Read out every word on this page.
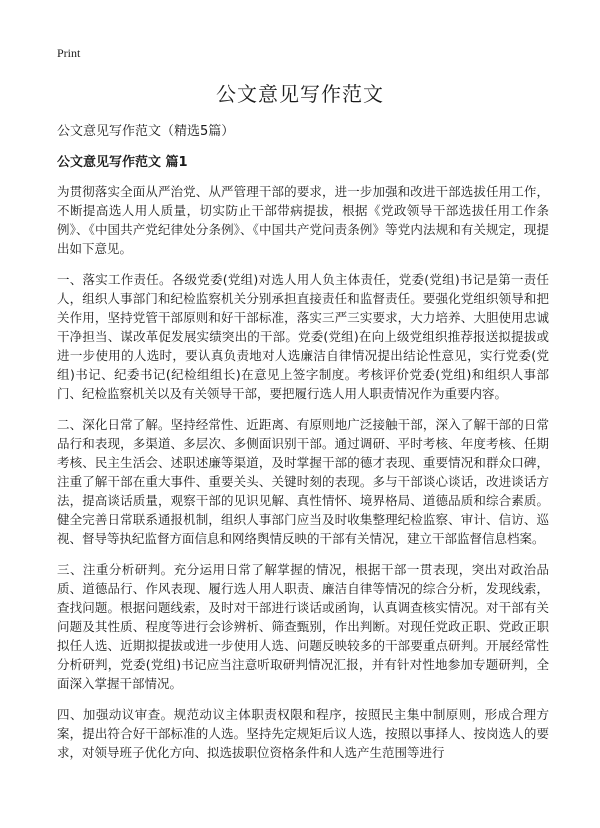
Print
公文意见写作范文

公文意见写作范文（精选5篇）

公文意见写作范文 篇1

为贯彻落实全面从严治党、从严管理干部的要求，进一步加强和改进干部选拔任用工作，不断提高选人用人质量，切实防止干部带病提拔，根据《党政领导干部选拔任用工作条例》、《中国共产党纪律处分条例》、《中国共产党问责条例》等党内法规和有关规定，现提出如下意见。

一、落实工作责任。各级党委(党组)对选人用人负主体责任，党委(党组)书记是第一责任人，组织人事部门和纪检监察机关分别承担直接责任和监督责任。要强化党组织领导和把关作用，坚持党管干部原则和好干部标准，落实三严三实要求，大力培养、大胆使用忠诚干净担当、谋改革促发展实绩突出的干部。党委(党组)在向上级党组织推荐报送拟提拔或进一步使用的人选时，要认真负责地对人选廉洁自律情况提出结论性意见，实行党委(党组)书记、纪委书记(纪检组组长)在意见上签字制度。考核评价党委(党组)和组织人事部门、纪检监察机关以及有关领导干部，要把履行选人用人职责情况作为重要内容。

二、深化日常了解。坚持经常性、近距离、有原则地广泛接触干部，深入了解干部的日常品行和表现，多渠道、多层次、多侧面识别干部。通过调研、平时考核、年度考核、任期考核、民主生活会、述职述廉等渠道，及时掌握干部的德才表现、重要情况和群众口碑，注重了解干部在重大事件、重要关头、关键时刻的表现。多与干部谈心谈话，改进谈话方法，提高谈话质量，观察干部的见识见解、真性情怀、境界格局、道德品质和综合素质。健全完善日常联系通报机制，组织人事部门应当及时收集整理纪检监察、审计、信访、巡视、督导等执纪监督方面信息和网络舆情反映的干部有关情况，建立干部监督信息档案。

三、注重分析研判。充分运用日常了解掌握的情况，根据干部一贯表现，突出对政治品质、道德品行、作风表现、履行选人用人职责、廉洁自律等情况的综合分析，发现线索，查找问题。根据问题线索，及时对干部进行谈话或函询，认真调查核实情况。对干部有关问题及其性质、程度等进行会诊辨析、筛查甄别，作出判断。对现任党政正职、党政正职拟任人选、近期拟提拔或进一步使用人选、问题反映较多的干部要重点研判。开展经常性分析研判，党委(党组)书记应当注意听取研判情况汇报，并有针对性地参加专题研判，全面深入掌握干部情况。

四、加强动议审查。规范动议主体职责权限和程序，按照民主集中制原则，形成合理方案，提出符合好干部标准的人选。坚持先定规矩后议人选，按照以事择人、按岗选人的要求，对领导班子优化方向、拟选拔职位资格条件和人选产生范围等进行
